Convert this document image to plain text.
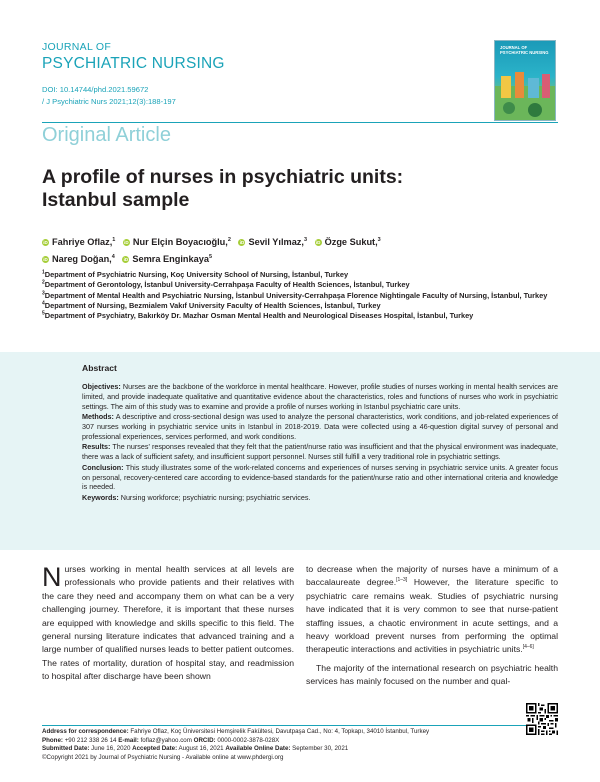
JOURNAL OF
PSYCHIATRIC NURSING
DOI: 10.14744/phd.2021.59672
/ J Psychiatric Nurs 2021;12(3):188-197
JOURNAL OF PSYCHIATRIC NURSING
Original Article
A profile of nurses in psychiatric units:
Istanbul sample
iD Fahriye Oflaz,$^1$ iD Nur Elçin Boyacıoğlu,$^2$ iD Sevil Yılmaz,$^3$ iD Özge Sukut,$^3$
iD Nareg Doğan,$^4$ iD Semra Enginkaya$^5$
$^1$Department of Psychiatric Nursing, Koç University School of Nursing, İstanbul, Turkey
$^2$Department of Gerontology, İstanbul University-Cerrahpaşa Faculty of Health Sciences, İstanbul, Turkey
$^3$Department of Mental Health and Psychiatric Nursing, İstanbul University-Cerrahpaşa Florence Nightingale Faculty of Nursing, İstanbul, Turkey
$^4$Department of Nursing, Bezmialem Vakıf University Faculty of Health Sciences, İstanbul, Turkey
$^5$Department of Psychiatry, Bakırköy Dr. Mazhar Osman Mental Health and Neurological Diseases Hospital, İstanbul, Turkey
Abstract

Objectives: Nurses are the backbone of the workforce in mental healthcare. However, profile studies of nurses working in mental health services are limited, and provide inadequate qualitative and quantitative evidence about the characteristics, roles and functions of nurses who work in psychiatric settings. The aim of this study was to examine and provide a profile of nurses working in Istanbul psychiatric care units.

Methods: A descriptive and cross-sectional design was used to analyze the personal characteristics, work conditions, and job-related experiences of 307 nurses working in psychiatric service units in Istanbul in 2018-2019. Data were collected using a 46-question digital survey of personal and professional experiences, services performed, and work conditions.

Results: The nurses' responses revealed that they felt that the patient/nurse ratio was insufficient and that the physical environment was inadequate, there was a lack of sufficient safety, and insufficient support personnel. Nurses still fulfill a very traditional role in psychiatric settings.

Conclusion: This study illustrates some of the work-related concerns and experiences of nurses serving in psychiatric service units. A greater focus on personal, recovery-centered care according to evidence-based standards for the patient/nurse ratio and other international criteria and knowledge is needed.

Keywords: Nursing workforce; psychiatric nursing; psychiatric services.

Nurses working in mental health services at all levels are professionals who provide patients and their relatives with the care they need and accompany them on what can be a very challenging journey. Therefore, it is important that these nurses are equipped with knowledge and skills specific to this field. The general nursing literature indicates that advanced training and a large number of qualified nurses leads to better patient outcomes. The rates of mortality, duration of hospital stay, and readmission to hospital after discharge have been shown

to decrease when the majority of nurses have a minimum of a baccalaureate degree.[1–3] However, the literature specific to psychiatric care remains weak. Studies of psychiatric nursing have indicated that it is very common to see that nurse-patient staffing issues, a chaotic environment in acute settings, and a heavy workload prevent nurses from performing the optimal therapeutic interactions and activities in psychiatric units.[4–6]

The majority of the international research on psychiatric health services has mainly focused on the number and qual-

Address for correspondence: Fahriye Oflaz, Koç Üniversitesi Hemşirelik Fakültesi, Davutpaşa Cad., No: 4, Topkapı, 34010 İstanbul, Turkey
Phone: +90 212 338 26 14 E-mail: foflaz@yahoo.com ORCID: 0000-0002-3878-028X
Submitted Date: June 16, 2020 Accepted Date: August 16, 2021 Available Online Date: September 30, 2021
©Copyright 2021 by Journal of Psychiatric Nursing - Available online at www.phdergi.org
